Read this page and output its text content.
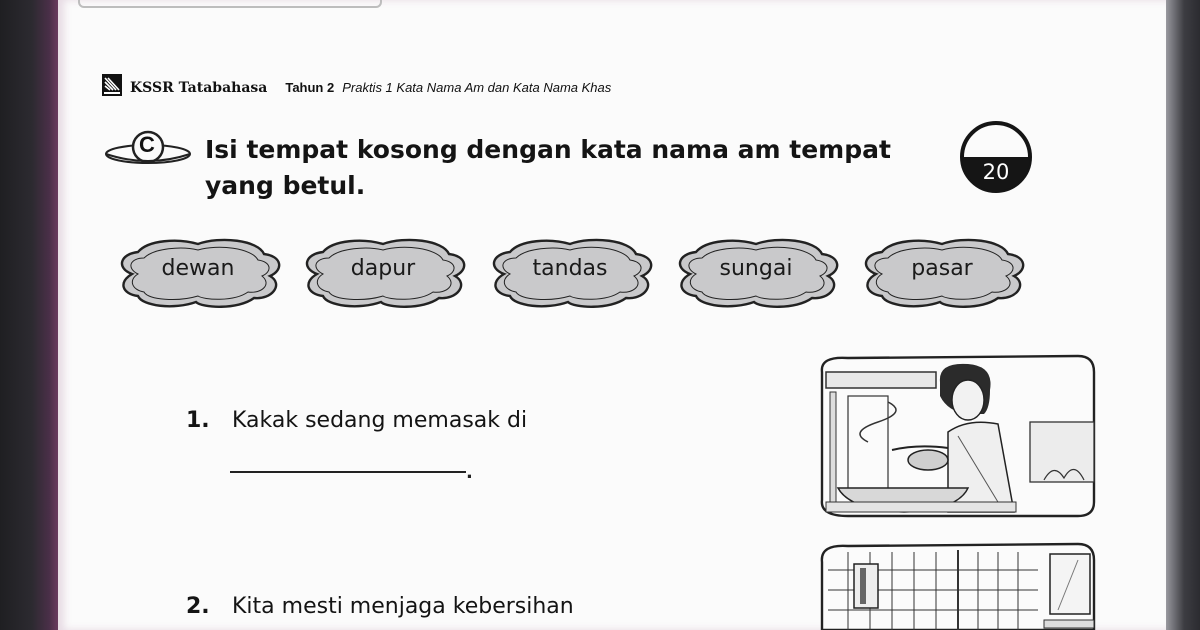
KSSR Tatabahasa Tahun 2 Praktis 1 Kata Nama Am dan Kata Nama Khas
C Isi tempat kosong dengan kata nama am tempat yang betul.	20
dewan	dapur	tandas	sungai	pasar
1. Kakak sedang memasak di
.
2. Kita mesti menjaga kebersihan
